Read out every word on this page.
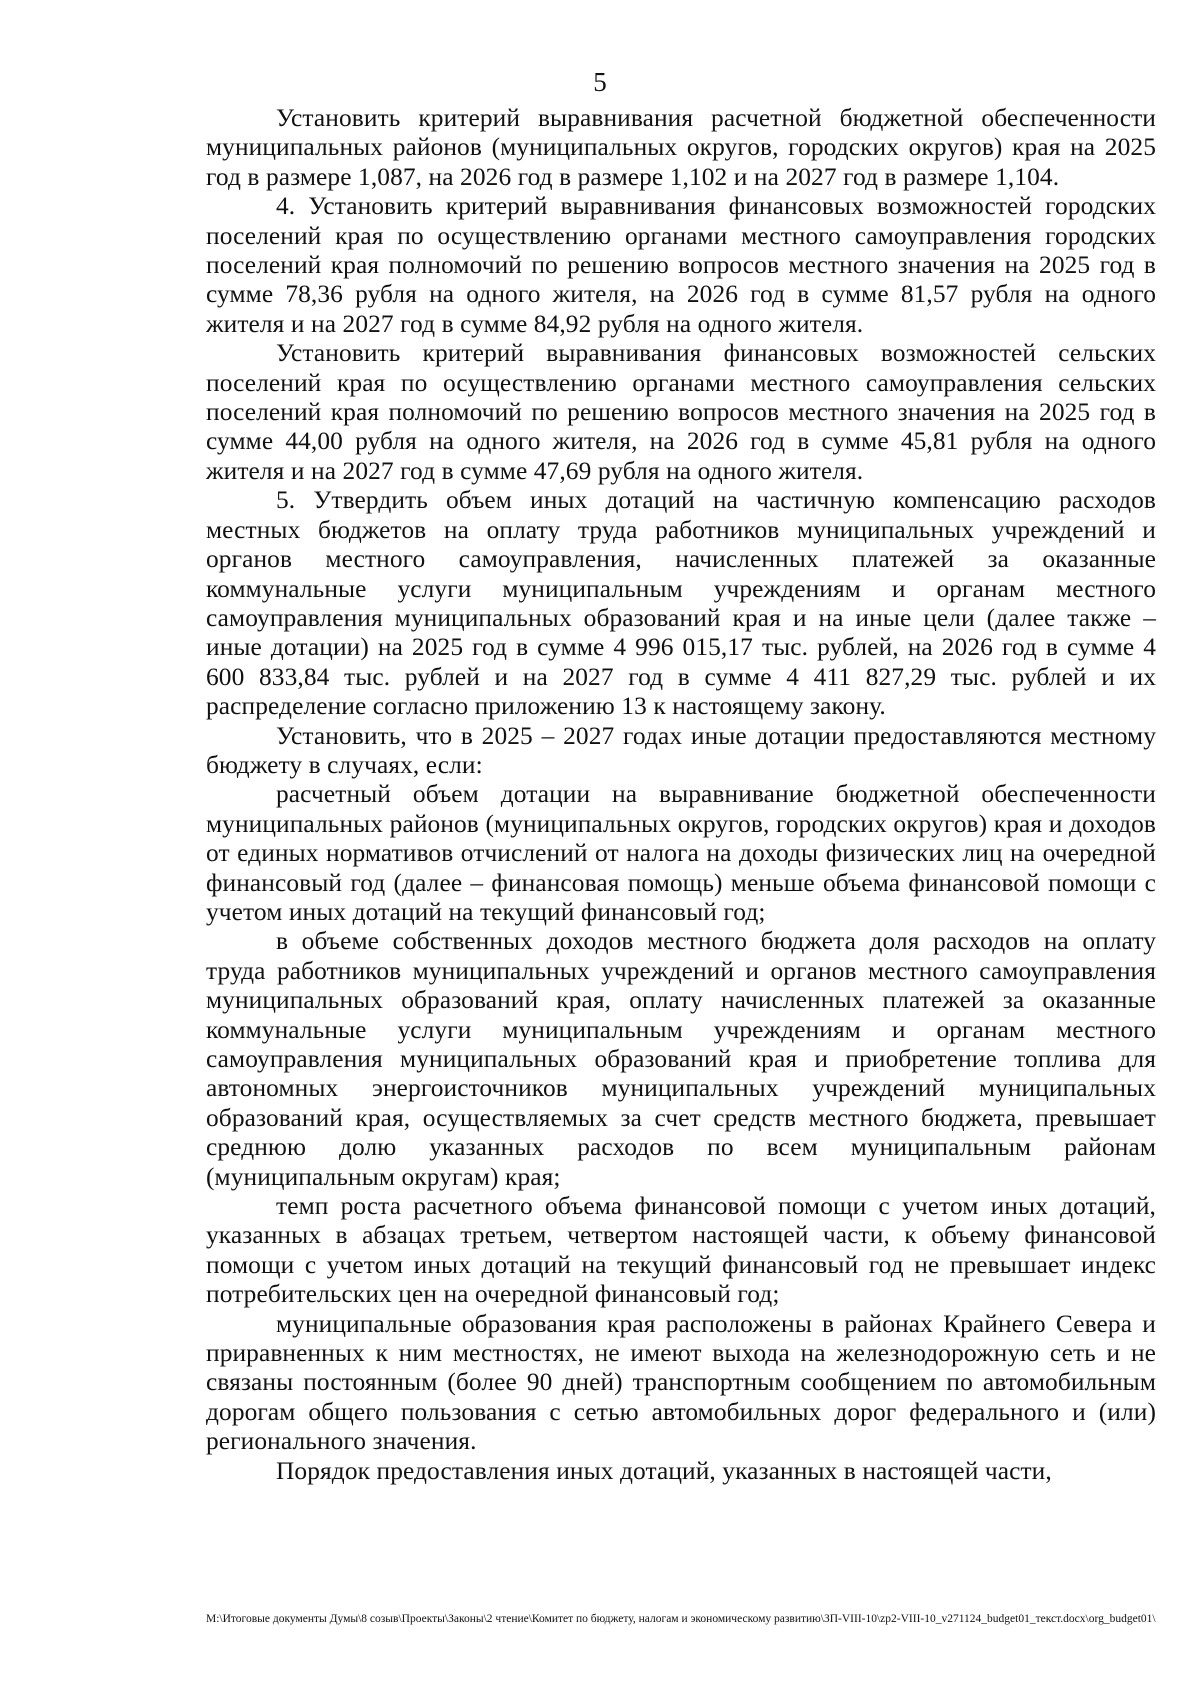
5

Установить критерий выравнивания расчетной бюджетной обеспеченности муниципальных районов (муниципальных округов, городских округов) края на 2025 год в размере 1,087, на 2026 год в размере 1,102 и на 2027 год в размере 1,104.

4. Установить критерий выравнивания финансовых возможностей городских поселений края по осуществлению органами местного самоуправления городских поселений края полномочий по решению вопросов местного значения на 2025 год в сумме 78,36 рубля на одного жителя, на 2026 год в сумме 81,57 рубля на одного жителя и на 2027 год в сумме 84,92 рубля на одного жителя.

Установить критерий выравнивания финансовых возможностей сельских поселений края по осуществлению органами местного самоуправления сельских поселений края полномочий по решению вопросов местного значения на 2025 год в сумме 44,00 рубля на одного жителя, на 2026 год в сумме 45,81 рубля на одного жителя и на 2027 год в сумме 47,69 рубля на одного жителя.

5. Утвердить объем иных дотаций на частичную компенсацию расходов местных бюджетов на оплату труда работников муниципальных учреждений и органов местного самоуправления, начисленных платежей за оказанные коммунальные услуги муниципальным учреждениям и органам местного самоуправления муниципальных образований края и на иные цели (далее также – иные дотации) на 2025 год в сумме 4 996 015,17 тыс. рублей, на 2026 год в сумме 4 600 833,84 тыс. рублей и на 2027 год в сумме 4 411 827,29 тыс. рублей и их распределение согласно приложению 13 к настоящему закону.

Установить, что в 2025 – 2027 годах иные дотации предоставляются местному бюджету в случаях, если:

расчетный объем дотации на выравнивание бюджетной обеспеченности муниципальных районов (муниципальных округов, городских округов) края и доходов от единых нормативов отчислений от налога на доходы физических лиц на очередной финансовый год (далее – финансовая помощь) меньше объема финансовой помощи с учетом иных дотаций на текущий финансовый год;

в объеме собственных доходов местного бюджета доля расходов на оплату труда работников муниципальных учреждений и органов местного самоуправления муниципальных образований края, оплату начисленных платежей за оказанные коммунальные услуги муниципальным учреждениям и органам местного самоуправления муниципальных образований края и приобретение топлива для автономных энергоисточников муниципальных учреждений муниципальных образований края, осуществляемых за счет средств местного бюджета, превышает среднюю долю указанных расходов по всем муниципальным районам (муниципальным округам) края;

темп роста расчетного объема финансовой помощи с учетом иных дотаций, указанных в абзацах третьем, четвертом настоящей части, к объему финансовой помощи с учетом иных дотаций на текущий финансовый год не превышает индекс потребительских цен на очередной финансовый год;

муниципальные образования края расположены в районах Крайнего Севера и приравненных к ним местностях, не имеют выхода на железнодорожную сеть и не связаны постоянным (более 90 дней) транспортным сообщением по автомобильным дорогам общего пользования с сетью автомобильных дорог федерального и (или) регионального значения.

Порядок предоставления иных дотаций, указанных в настоящей части,

M:\Итоговые документы Думы\8 созыв\Проекты\Законы\2 чтение\Комитет по бюджету, налогам и экономическому развитию\ЗП-VIII-10\zp2-VIII-10_v271124_budget01_текст.docx\org_budget01\
